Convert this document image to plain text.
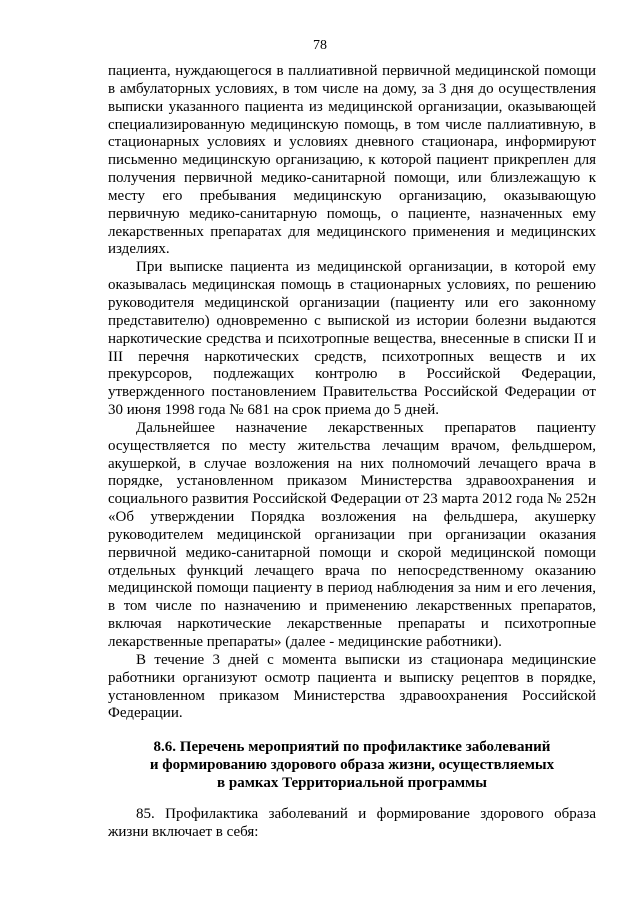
78

пациента, нуждающегося в паллиативной первичной медицинской помощи в амбулаторных условиях, в том числе на дому, за 3 дня до осуществления выписки указанного пациента из медицинской организации, оказывающей специализированную медицинскую помощь, в том числе паллиативную, в стационарных условиях и условиях дневного стационара, информируют письменно медицинскую организацию, к которой пациент прикреплен для получения первичной медико-санитарной помощи, или близлежащую к месту его пребывания медицинскую организацию, оказывающую первичную медико-санитарную помощь, о пациенте, назначенных ему лекарственных препаратах для медицинского применения и медицинских изделиях.

При выписке пациента из медицинской организации, в которой ему оказывалась медицинская помощь в стационарных условиях, по решению руководителя медицинской организации (пациенту или его законному представителю) одновременно с выпиской из истории болезни выдаются наркотические средства и психотропные вещества, внесенные в списки II и III перечня наркотических средств, психотропных веществ и их прекурсоров, подлежащих контролю в Российской Федерации, утвержденного постановлением Правительства Российской Федерации от 30 июня 1998 года № 681 на срок приема до 5 дней.

Дальнейшее назначение лекарственных препаратов пациенту осуществляется по месту жительства лечащим врачом, фельдшером, акушеркой, в случае возложения на них полномочий лечащего врача в порядке, установленном приказом Министерства здравоохранения и социального развития Российской Федерации от 23 марта 2012 года № 252н «Об утверждении Порядка возложения на фельдшера, акушерку руководителем медицинской организации при организации оказания первичной медико-санитарной помощи и скорой медицинской помощи отдельных функций лечащего врача по непосредственному оказанию медицинской помощи пациенту в период наблюдения за ним и его лечения, в том числе по назначению и применению лекарственных препаратов, включая наркотические лекарственные препараты и психотропные лекарственные препараты» (далее - медицинские работники).

В течение 3 дней с момента выписки из стационара медицинские работники организуют осмотр пациента и выписку рецептов в порядке, установленном приказом Министерства здравоохранения Российской Федерации.

8.6. Перечень мероприятий по профилактике заболеваний
и формированию здорового образа жизни, осуществляемых
в рамках Территориальной программы

85. Профилактика заболеваний и формирование здорового образа жизни включает в себя:
